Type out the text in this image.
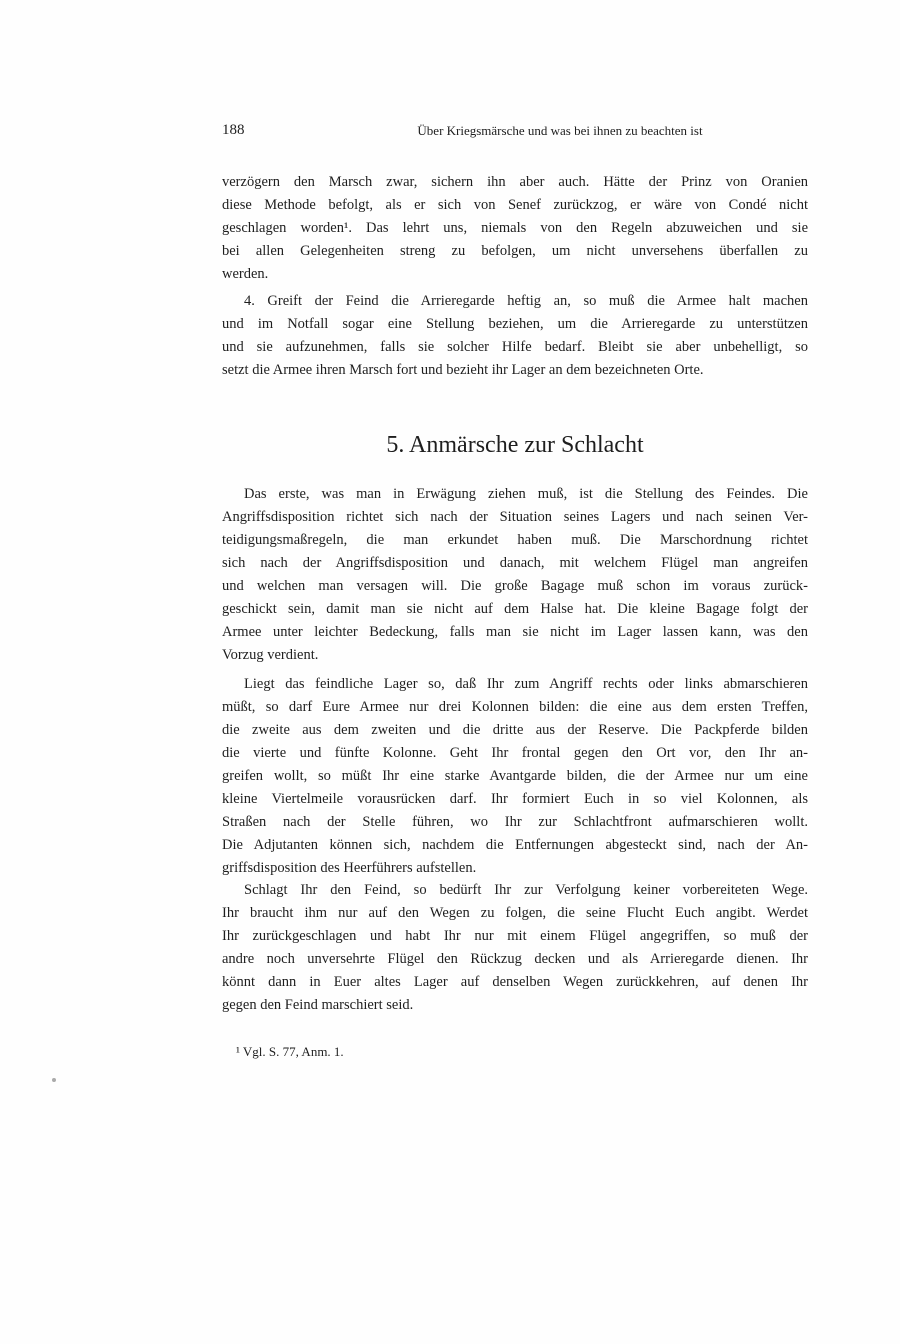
188	Über Kriegsmärsche und was bei ihnen zu beachten ist
verzögern den Marsch zwar, sichern ihn aber auch. Hätte der Prinz von Oranien
diese Methode befolgt, als er sich von Senef zurückzog, er wäre von Condé nicht
geschlagen worden¹. Das lehrt uns, niemals von den Regeln abzuweichen und sie
bei allen Gelegenheiten streng zu befolgen, um nicht unversehens überfallen zu
werden.
4. Greift der Feind die Arrieregarde heftig an, so muß die Armee halt machen
und im Notfall sogar eine Stellung beziehen, um die Arrieregarde zu unterstützen
und sie aufzunehmen, falls sie solcher Hilfe bedarf. Bleibt sie aber unbehelligt, so
setzt die Armee ihren Marsch fort und bezieht ihr Lager an dem bezeichneten Orte.
Das erste, was man in Erwägung ziehen muß, ist die Stellung des Feindes. Die
Angriffsdisposition richtet sich nach der Situation seines Lagers und nach seinen Ver-
teidigungsmaßregeln, die man erkundet haben muß. Die Marschordnung richtet
sich nach der Angriffsdisposition und danach, mit welchem Flügel man angreifen
und welchen man versagen will. Die große Bagage muß schon im voraus zurück-
geschickt sein, damit man sie nicht auf dem Halse hat. Die kleine Bagage folgt der
Armee unter leichter Bedeckung, falls man sie nicht im Lager lassen kann, was den
Vorzug verdient.
Liegt das feindliche Lager so, daß Ihr zum Angriff rechts oder links abmarschieren
müßt, so darf Eure Armee nur drei Kolonnen bilden: die eine aus dem ersten Treffen,
die zweite aus dem zweiten und die dritte aus der Reserve. Die Packpferde bilden
die vierte und fünfte Kolonne. Geht Ihr frontal gegen den Ort vor, den Ihr an-
greifen wollt, so müßt Ihr eine starke Avantgarde bilden, die der Armee nur um eine
kleine Viertelmeile vorausrücken darf. Ihr formiert Euch in so viel Kolonnen, als
Straßen nach der Stelle führen, wo Ihr zur Schlachtfront aufmarschieren wollt.
Die Adjutanten können sich, nachdem die Entfernungen abgesteckt sind, nach der An-
griffsdisposition des Heerführers aufstellen.
Schlagt Ihr den Feind, so bedürft Ihr zur Verfolgung keiner vorbereiteten Wege.
Ihr braucht ihm nur auf den Wegen zu folgen, die seine Flucht Euch angibt. Werdet
Ihr zurückgeschlagen und habt Ihr nur mit einem Flügel angegriffen, so muß der
andre noch unversehrte Flügel den Rückzug decken und als Arrieregarde dienen. Ihr
könnt dann in Euer altes Lager auf denselben Wegen zurückkehren, auf denen Ihr
gegen den Feind marschiert seid.
5. Anmärsche zur Schlacht
¹ Vgl. S. 77, Anm. 1.
